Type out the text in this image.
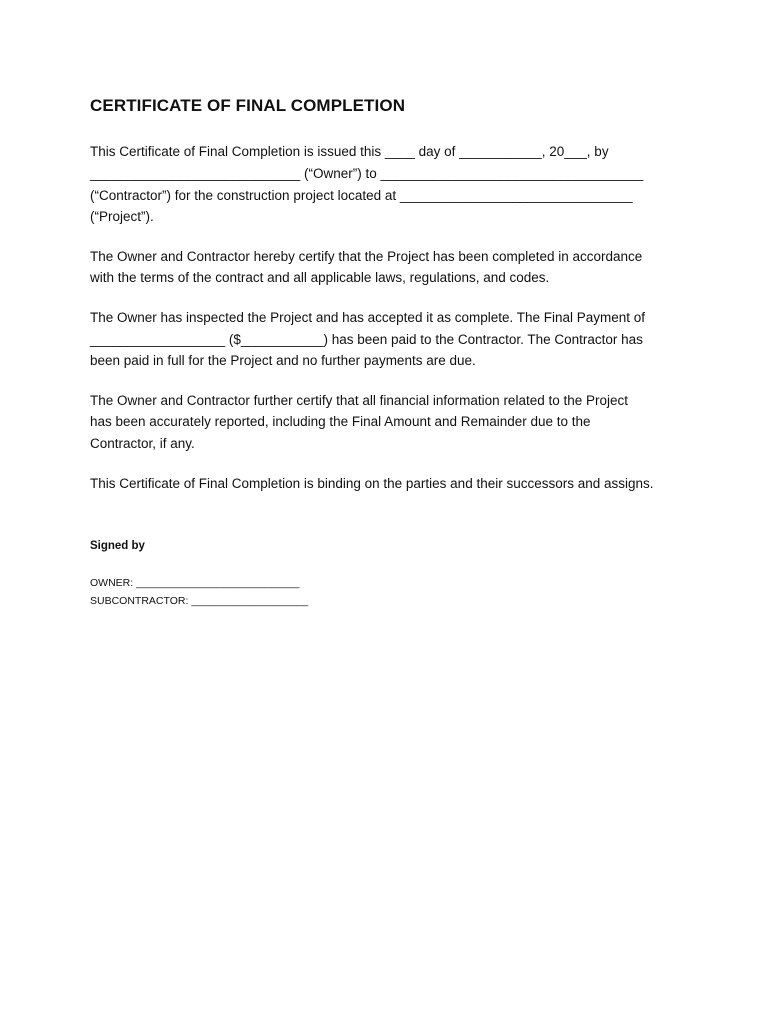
CERTIFICATE OF FINAL COMPLETION

This Certificate of Final Completion is issued this ____ day of ___________, 20___, by
____________________________ (“Owner”) to ___________________________________
(“Contractor”) for the construction project located at _______________________________
(“Project”).

The Owner and Contractor hereby certify that the Project has been completed in accordance
with the terms of the contract and all applicable laws, regulations, and codes.

The Owner has inspected the Project and has accepted it as complete. The Final Payment of
__________________ ($___________) has been paid to the Contractor. The Contractor has
been paid in full for the Project and no further payments are due.

The Owner and Contractor further certify that all financial information related to the Project
has been accurately reported, including the Final Amount and Remainder due to the
Contractor, if any.

This Certificate of Final Completion is binding on the parties and their successors and assigns.

Signed by

OWNER: ____________________________

SUBCONTRACTOR: ____________________
